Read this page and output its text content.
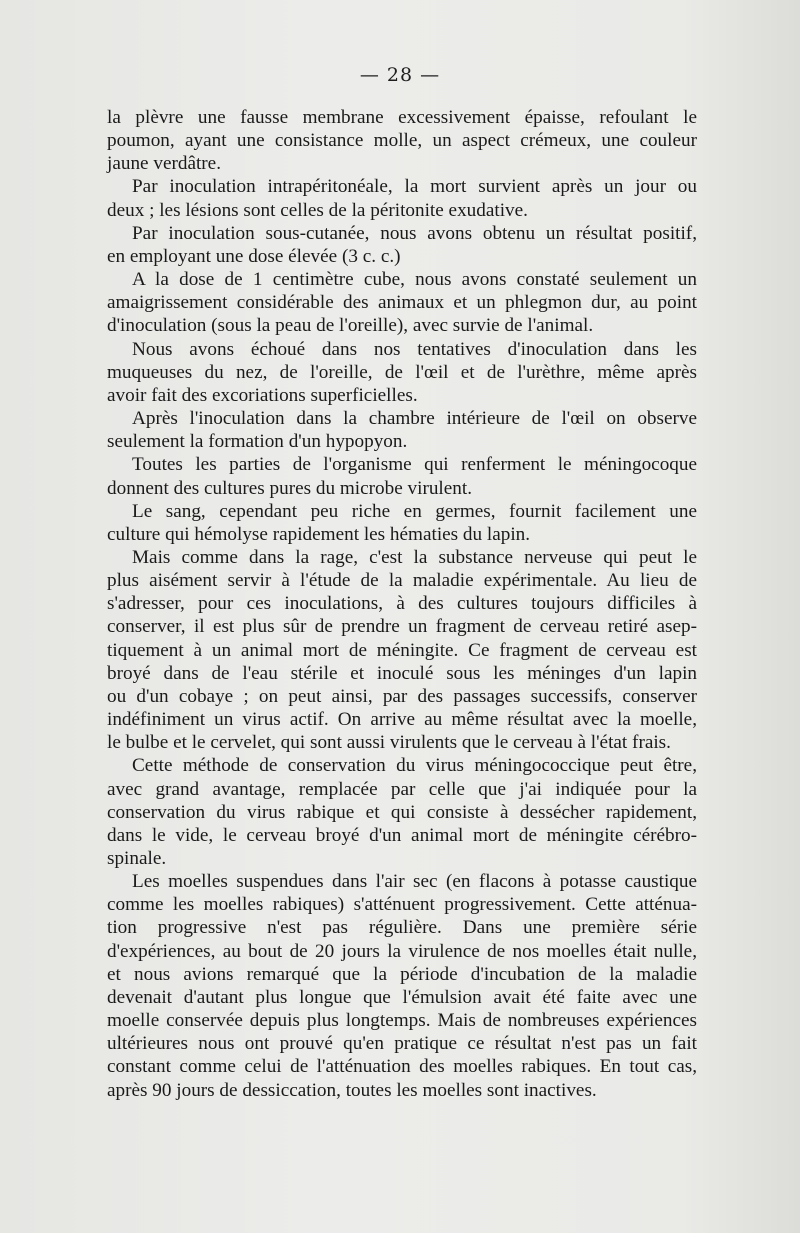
— 28 —
la plèvre une fausse membrane excessivement épaisse, refoulant le
poumon, ayant une consistance molle, un aspect crémeux, une couleur
jaune verdâtre.
Par inoculation intrapéritonéale, la mort survient après un jour ou
deux ; les lésions sont celles de la péritonite exudative.
Par inoculation sous-cutanée, nous avons obtenu un résultat positif,
en employant une dose élevée (3 c. c.)
A la dose de 1 centimètre cube, nous avons constaté seulement un
amaigrissement considérable des animaux et un phlegmon dur, au point
d'inoculation (sous la peau de l'oreille), avec survie de l'animal.
Nous avons échoué dans nos tentatives d'inoculation dans les
muqueuses du nez, de l'oreille, de l'œil et de l'urèthre, même après
avoir fait des excoriations superficielles.
Après l'inoculation dans la chambre intérieure de l'œil on observe
seulement la formation d'un hypopyon.
Toutes les parties de l'organisme qui renferment le méningocoque
donnent des cultures pures du microbe virulent.
Le sang, cependant peu riche en germes, fournit facilement une
culture qui hémolyse rapidement les hématies du lapin.
Mais comme dans la rage, c'est la substance nerveuse qui peut le
plus aisément servir à l'étude de la maladie expérimentale. Au lieu de
s'adresser, pour ces inoculations, à des cultures toujours difficiles à
conserver, il est plus sûr de prendre un fragment de cerveau retiré asep-
tiquement à un animal mort de méningite. Ce fragment de cerveau est
broyé dans de l'eau stérile et inoculé sous les méninges d'un lapin
ou d'un cobaye ; on peut ainsi, par des passages successifs, conserver
indéfiniment un virus actif. On arrive au même résultat avec la moelle,
le bulbe et le cervelet, qui sont aussi virulents que le cerveau à l'état frais.
Cette méthode de conservation du virus méningococcique peut être,
avec grand avantage, remplacée par celle que j'ai indiquée pour la
conservation du virus rabique et qui consiste à dessécher rapidement,
dans le vide, le cerveau broyé d'un animal mort de méningite cérébro-
spinale.
Les moelles suspendues dans l'air sec (en flacons à potasse caustique
comme les moelles rabiques) s'atténuent progressivement. Cette atténua-
tion progressive n'est pas régulière. Dans une première série
d'expériences, au bout de 20 jours la virulence de nos moelles était nulle,
et nous avions remarqué que la période d'incubation de la maladie
devenait d'autant plus longue que l'émulsion avait été faite avec une
moelle conservée depuis plus longtemps. Mais de nombreuses expériences
ultérieures nous ont prouvé qu'en pratique ce résultat n'est pas un fait
constant comme celui de l'atténuation des moelles rabiques. En tout cas,
après 90 jours de dessiccation, toutes les moelles sont inactives.
